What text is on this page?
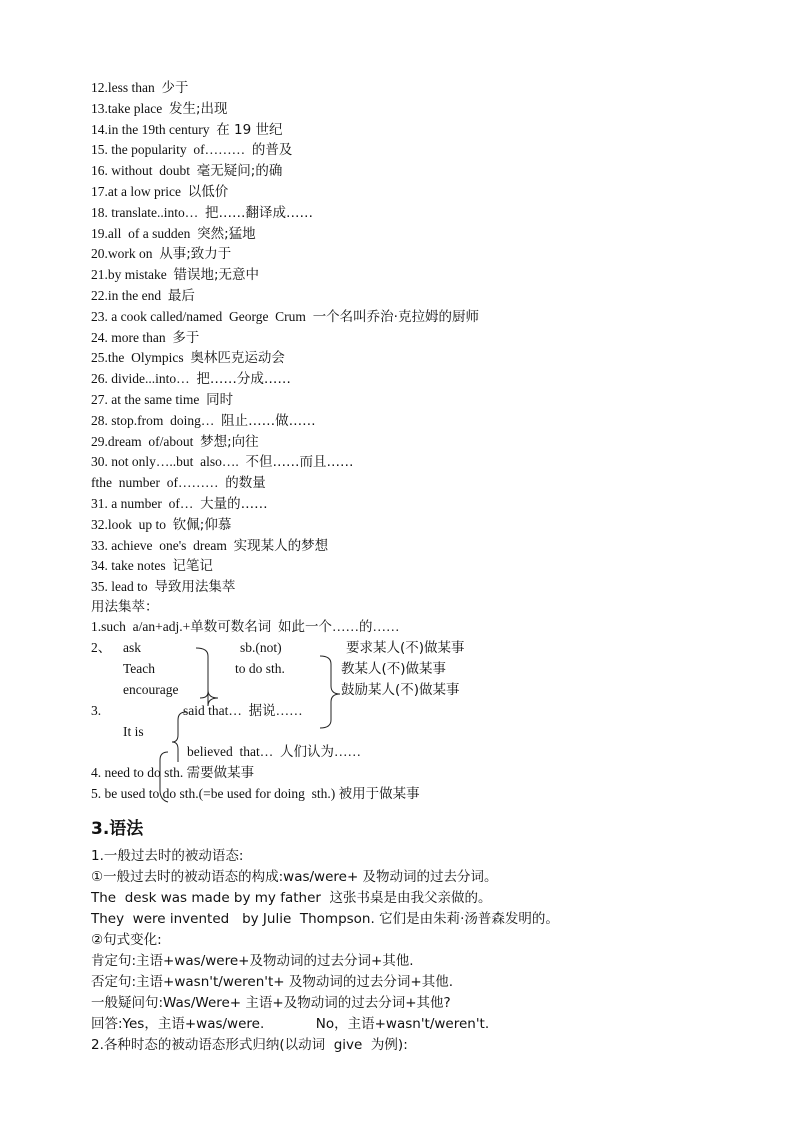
12.less than 少于
13.take place 发生;出现
14.in the 19th century 在 19 世纪
15. the popularity  of……… 的普及
16. without  doubt 毫无疑问;的确
17.at a low price 以低价
18. translate..into… 把……翻译成……
19.all  of a sudden 突然;猛地
20.work on 从事;致力于
21.by mistake 错误地;无意中
22.in the end 最后
23. a cook called/named  George  Crum 一个名叫乔治·克拉姆的厨师
24. more than 多于
25.the  Olympics 奥林匹克运动会
26. divide...into… 把……分成……
27. at the same time 同时
28. stop.from  doing… 阻止……做……
29.dream  of/about 梦想;向往
30. not only…..but  also…. 不但……而且……
fthe  number  of……… 的数量
31. a number  of… 大量的……
32.look  up to 钦佩;仰慕
33. achieve  one's  dream 实现某人的梦想
34. take notes 记笔记
35. lead to 导致用法集萃
用法集萃：
1.such  a/an+adj.+单数可数名词  如此一个……的……
2、 ask
Teach
encourage
sb.(not)
to do sth.
要求某人(不)做某事
教某人(不)做某事
鼓励某人(不)做某事
3.	said that…  据说……
It is
believed  that…  人们认为……
4. need to do sth. 需要做某事
5. be used to do sth.(=be used for doing  sth.) 被用于做某事
3.语法
1.一般过去时的被动语态:
①一般过去时的被动语态的构成:was/were+ 及物动词的过去分词。
The  desk was made by my father  这张书桌是由我父亲做的。
They  were invented   by Julie  Thompson. 它们是由朱莉·汤普森发明的。
②句式变化:
肯定句:主语+was/were+及物动词的过去分词+其他.
否定句:主语+wasn't/weren't+ 及物动词的过去分词+其他.
一般疑问句:Was/Were+ 主语+及物动词的过去分词+其他?
回答:Yes，主语+was/were.            No，主语+wasn't/weren't.
2.各种时态的被动语态形式归纳(以动词  give  为例):
